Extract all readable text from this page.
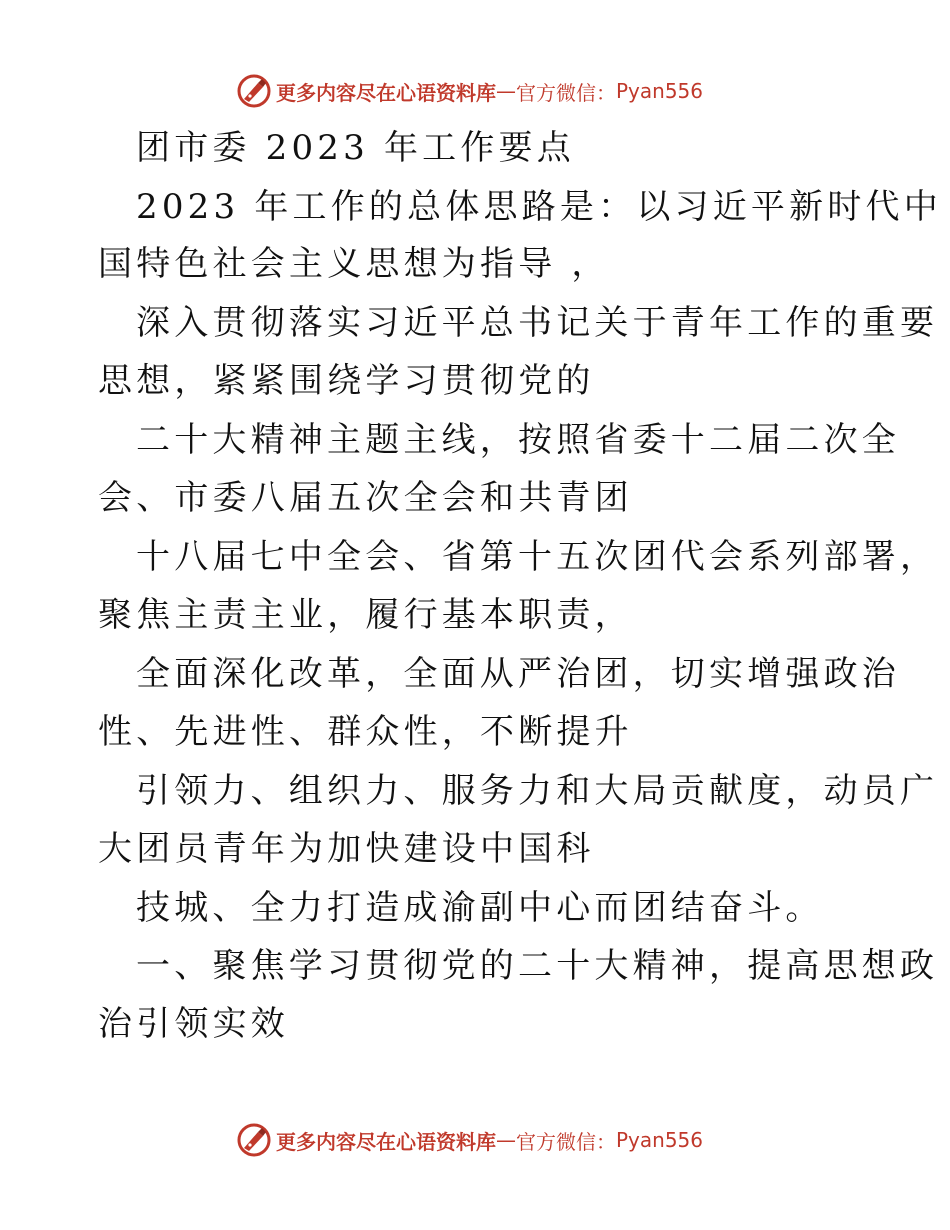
更多内容尽在心语资料库 — 官方微信： Pyan556
团市委 2023 年工作要点
2023 年工作的总体思路是：以习近平新时代中
国特色社会主义思想为指导 ，
深入贯彻落实习近平总书记关于青年工作的重要
思想，紧紧围绕学习贯彻党的
二十大精神主题主线，按照省委十二届二次全
会、市委八届五次全会和共青团
十八届七中全会、省第十五次团代会系列部署，
聚焦主责主业，履行基本职责，
全面深化改革，全面从严治团，切实增强政治
性、先进性、群众性，不断提升
引领力、组织力、服务力和大局贡献度，动员广
大团员青年为加快建设中国科
技城、全力打造成渝副中心而团结奋斗。
一、聚焦学习贯彻党的二十大精神，提高思想政
治引领实效
更多内容尽在心语资料库 — 官方微信： Pyan556
